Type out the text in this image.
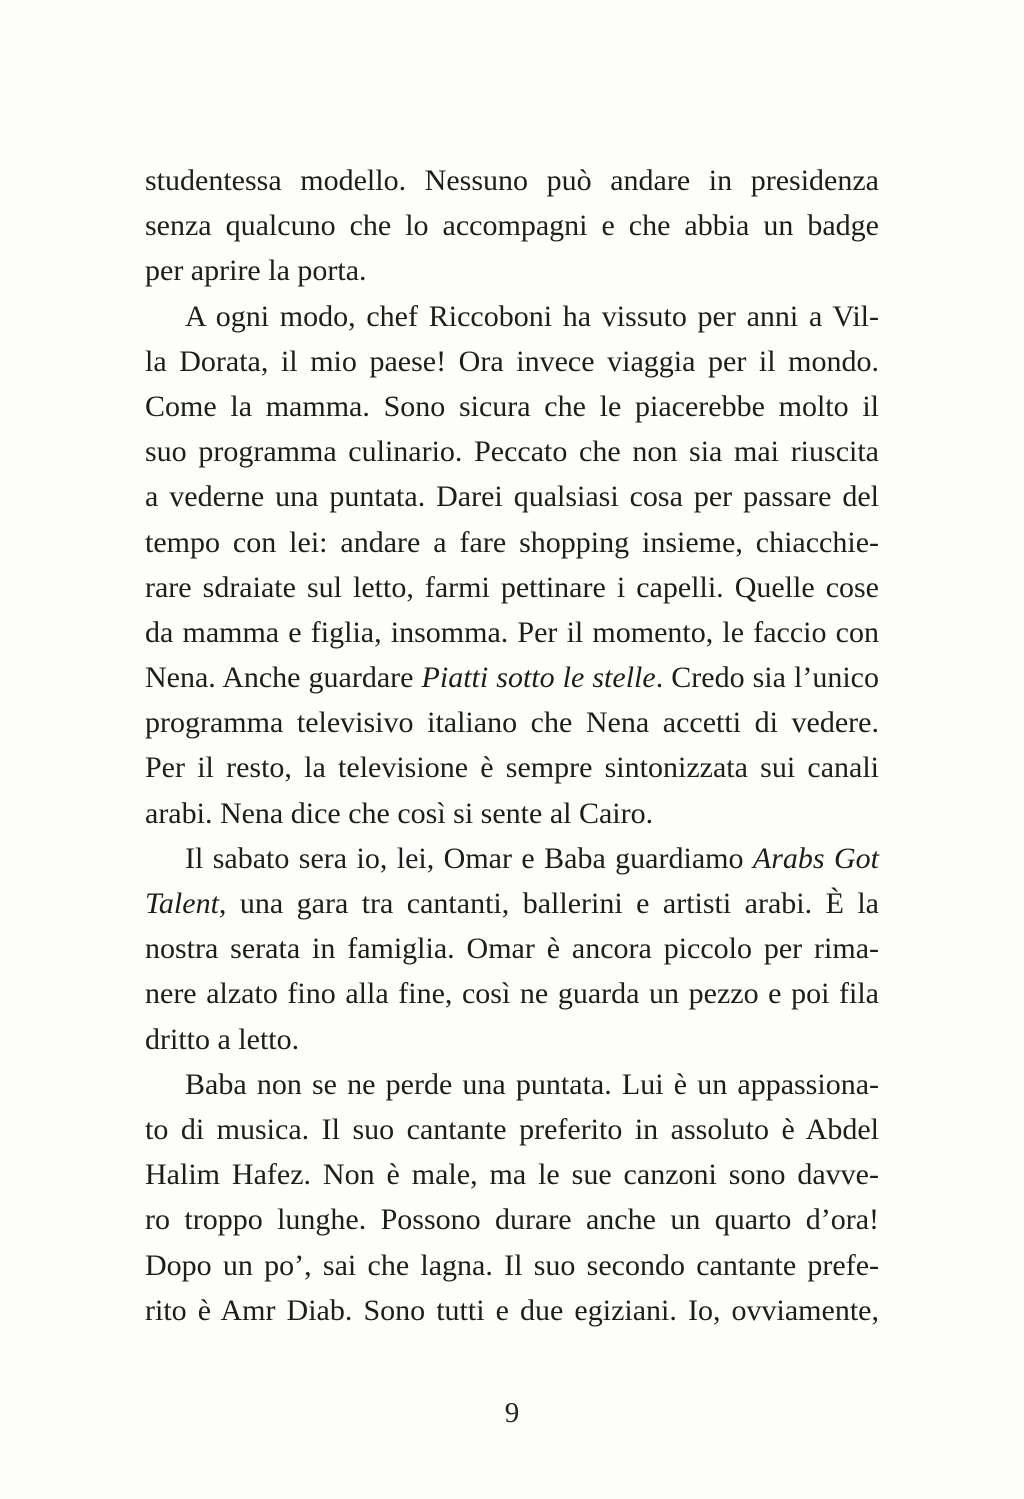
studentessa modello. Nessuno può andare in presidenza
senza qualcuno che lo accompagni e che abbia un badge
per aprire la porta.
A ogni modo, chef Riccoboni ha vissuto per anni a Vil-
la Dorata, il mio paese! Ora invece viaggia per il mondo.
Come la mamma. Sono sicura che le piacerebbe molto il
suo programma culinario. Peccato che non sia mai riuscita
a vederne una puntata. Darei qualsiasi cosa per passare del
tempo con lei: andare a fare shopping insieme, chiacchie-
rare sdraiate sul letto, farmi pettinare i capelli. Quelle cose
da mamma e figlia, insomma. Per il momento, le faccio con
Nena. Anche guardare Piatti sotto le stelle. Credo sia l’unico
programma televisivo italiano che Nena accetti di vedere.
Per il resto, la televisione è sempre sintonizzata sui canali
arabi. Nena dice che così si sente al Cairo.
Il sabato sera io, lei, Omar e Baba guardiamo Arabs Got
Talent, una gara tra cantanti, ballerini e artisti arabi. È la
nostra serata in famiglia. Omar è ancora piccolo per rima-
nere alzato fino alla fine, così ne guarda un pezzo e poi fila
dritto a letto.
Baba non se ne perde una puntata. Lui è un appassiona-
to di musica. Il suo cantante preferito in assoluto è Abdel
Halim Hafez. Non è male, ma le sue canzoni sono davve-
ro troppo lunghe. Possono durare anche un quarto d’ora!
Dopo un po’, sai che lagna. Il suo secondo cantante prefe-
rito è Amr Diab. Sono tutti e due egiziani. Io, ovviamente,
9
